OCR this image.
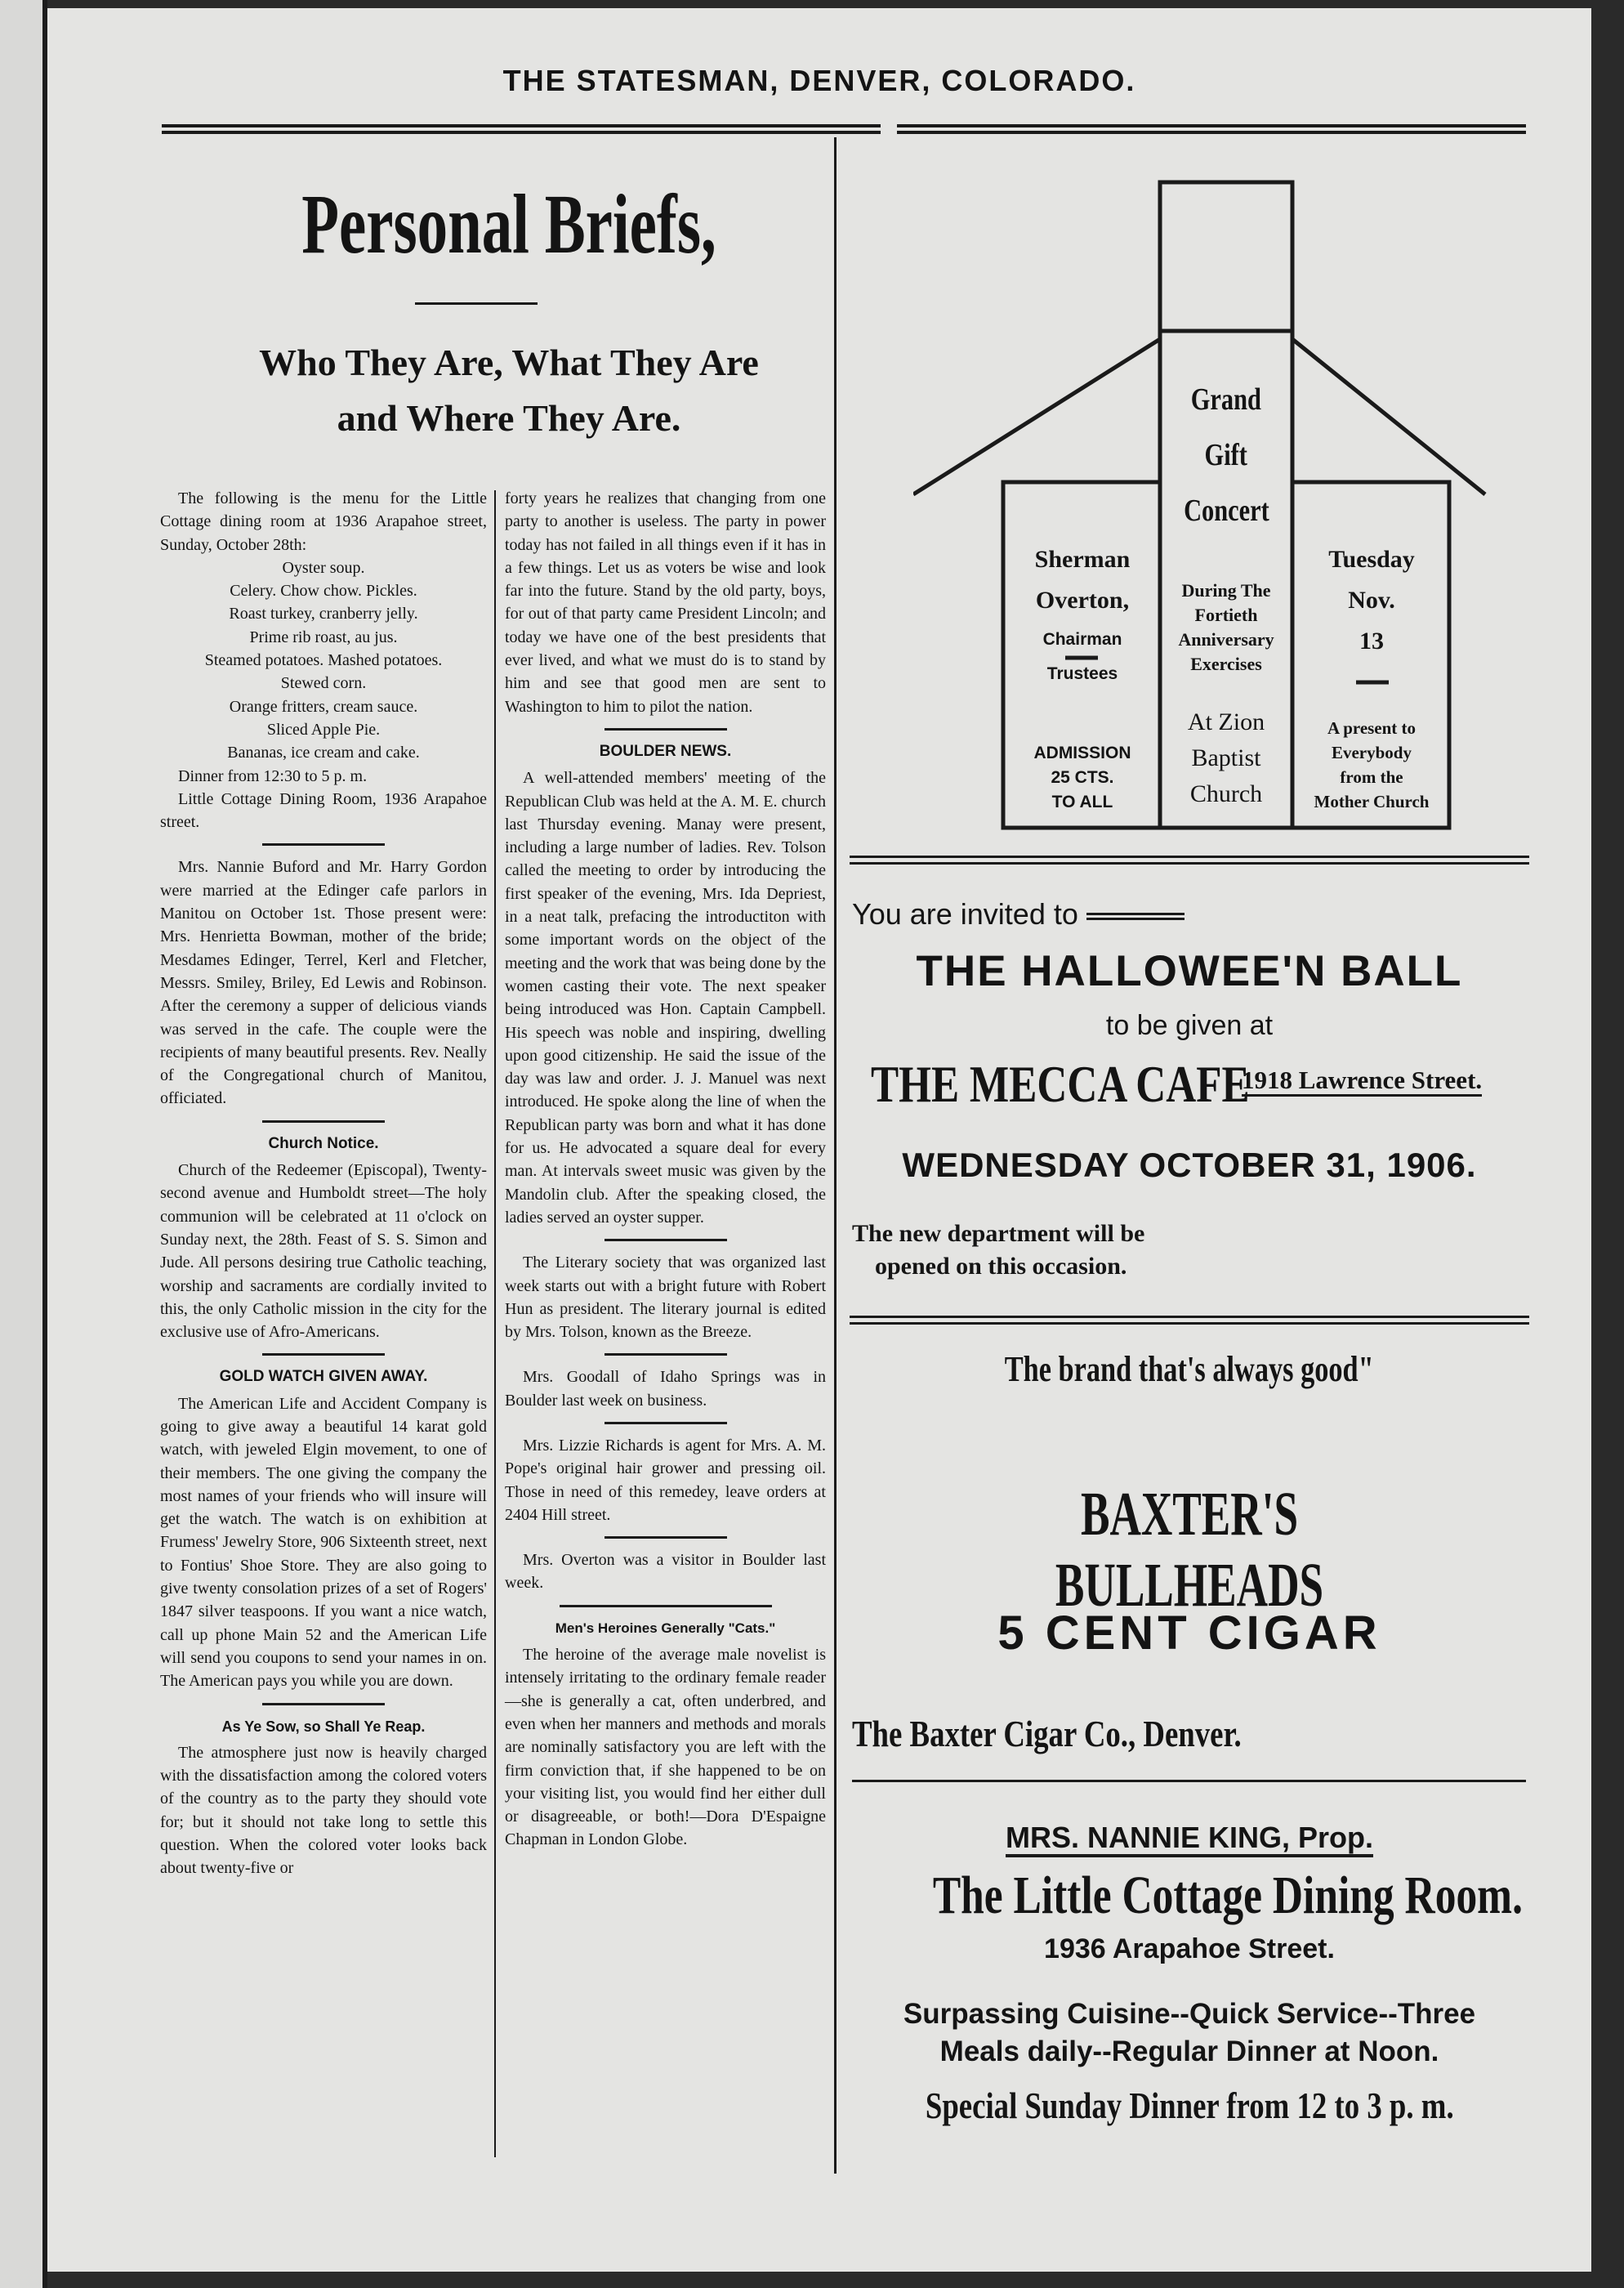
THE STATESMAN, DENVER, COLORADO.
Personal Briefs,
Who They Are, What They Are
and Where They Are.

The following is the menu for the Little Cottage dining room at 1936 Arapahoe street, Sunday, October 28th:

Oyster soup.
Celery. Chow chow. Pickles.
Roast turkey, cranberry jelly.
Prime rib roast, au jus.
Steamed potatoes. Mashed potatoes.
Stewed corn.
Orange fritters, cream sauce.
Sliced Apple Pie.
Bananas, ice cream and cake.

Dinner from 12:30 to 5 p. m.

Little Cottage Dining Room, 1936 Arapahoe street.

Mrs. Nannie Buford and Mr. Harry Gordon were married at the Edinger cafe parlors in Manitou on October 1st. Those present were: Mrs. Henrietta Bowman, mother of the bride; Mesdames Edinger, Terrel, Kerl and Fletcher, Messrs. Smiley, Briley, Ed Lewis and Robinson. After the ceremony a supper of delicious viands was served in the cafe. The couple were the recipients of many beautiful presents. Rev. Neally of the Congregational church of Manitou, officiated.

Church Notice.

Church of the Redeemer (Episcopal), Twenty-second avenue and Humboldt street—The holy communion will be celebrated at 11 o'clock on Sunday next, the 28th. Feast of S. S. Simon and Jude. All persons desiring true Catholic teaching, worship and sacraments are cordially invited to this, the only Catholic mission in the city for the exclusive use of Afro-Americans.

GOLD WATCH GIVEN AWAY.

The American Life and Accident Company is going to give away a beautiful 14 karat gold watch, with jeweled Elgin movement, to one of their members. The one giving the company the most names of your friends who will insure will get the watch. The watch is on exhibition at Frumess' Jewelry Store, 906 Sixteenth street, next to Fontius' Shoe Store. They are also going to give twenty consolation prizes of a set of Rogers' 1847 silver teaspoons. If you want a nice watch, call up phone Main 52 and the American Life will send you coupons to send your names in on. The American pays you while you are down.

As Ye Sow, so Shall Ye Reap.

The atmosphere just now is heavily charged with the dissatisfaction among the colored voters of the country as to the party they should vote for; but it should not take long to settle this question. When the colored voter looks back about twenty-five or

forty years he realizes that changing from one party to another is useless. The party in power today has not failed in all things even if it has in a few things. Let us as voters be wise and look far into the future. Stand by the old party, boys, for out of that party came President Lincoln; and today we have one of the best presidents that ever lived, and what we must do is to stand by him and see that good men are sent to Washington to him to pilot the nation.

BOULDER NEWS.

A well-attended members' meeting of the Republican Club was held at the A. M. E. church last Thursday evening. Manay were present, including a large number of ladies. Rev. Tolson called the meeting to order by introducing the first speaker of the evening, Mrs. Ida Depriest, in a neat talk, prefacing the introductiton with some important words on the object of the meeting and the work that was being done by the women casting their vote. The next speaker being introduced was Hon. Captain Campbell. His speech was noble and inspiring, dwelling upon good citizenship. He said the issue of the day was law and order. J. J. Manuel was next introduced. He spoke along the line of when the Republican party was born and what it has done for us. He advocated a square deal for every man. At intervals sweet music was given by the Mandolin club. After the speaking closed, the ladies served an oyster supper.

The Literary society that was organized last week starts out with a bright future with Robert Hun as president. The literary journal is edited by Mrs. Tolson, known as the Breeze.

Mrs. Goodall of Idaho Springs was in Boulder last week on business.

Mrs. Lizzie Richards is agent for Mrs. A. M. Pope's original hair grower and pressing oil. Those in need of this remedey, leave orders at 2404 Hill street.

Mrs. Overton was a visitor in Boulder last week.

Men's Heroines Generally "Cats."

The heroine of the average male novelist is intensely irritating to the ordinary female reader—she is generally a cat, often underbred, and even when her manners and methods and morals are nominally satisfactory you are left with the firm conviction that, if she happened to be on your visiting list, you would find her either dull or disagreeable, or both!—Dora D'Espaigne Chapman in London Globe.

Grand
Gift
Concert
During The
Fortieth
Anniversary
Exercises
At Zion
Baptist
Church
Sherman
Overton,
Chairman
Trustees
ADMISSION
25 CTS.
TO ALL
Tuesday
Nov.
13
A present to
Everybody
from the
Mother Church
You are invited to
THE HALLOWEE'N BALL
to be given at
THE MECCA CAFE 1918 Lawrence Street.
WEDNESDAY OCTOBER 31, 1906.
The new department will be
opened on this occasion.
The brand that's always good"
BAXTER'S BULLHEADS
5 CENT CIGAR
The Baxter Cigar Co., Denver.
MRS. NANNIE KING, Prop.
The Little Cottage Dining Room.
1936 Arapahoe Street.
Surpassing Cuisine--Quick Service--Three
Meals daily--Regular Dinner at Noon.
Special Sunday Dinner from 12 to 3 p. m.
